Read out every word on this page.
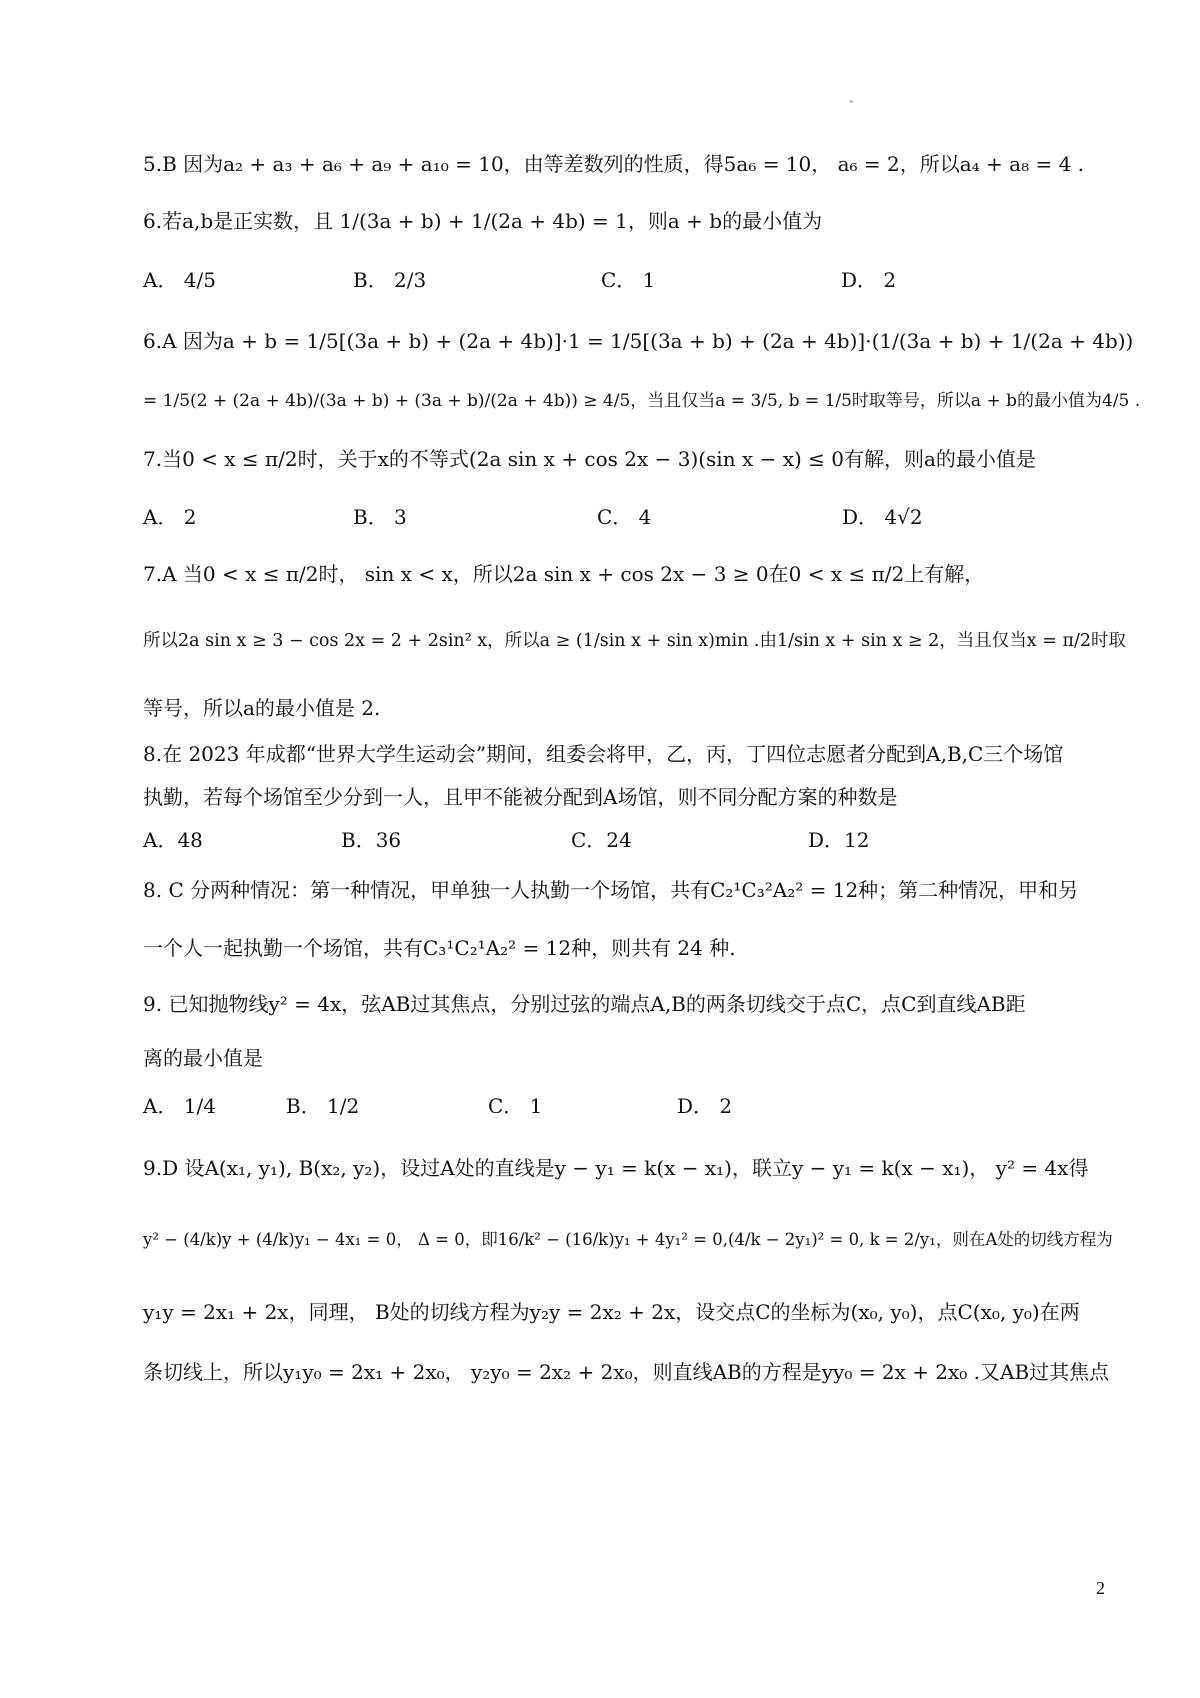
5.B 因为a₂ + a₃ + a₆ + a₉ + a₁₀ = 10，由等差数列的性质，得5a₆ = 10， a₆ = 2，所以a₄ + a₈ = 4 .
6.若a,b是正实数，且 1/(3a + b) + 1/(2a + 4b) = 1，则a + b的最小值为
A． 4/5	B． 2/3	C． 1	D． 2
6.A 因为a + b = 1/5[(3a + b) + (2a + 4b)]·1 = 1/5[(3a + b) + (2a + 4b)]·(1/(3a + b) + 1/(2a + 4b))
= 1/5(2 + (2a + 4b)/(3a + b) + (3a + b)/(2a + 4b)) ≥ 4/5，当且仅当a = 3/5, b = 1/5时取等号，所以a + b的最小值为4/5 .
7.当0 < x ≤ π/2时，关于x的不等式(2a sin x + cos 2x − 3)(sin x − x) ≤ 0有解，则a的最小值是
A． 2	B． 3	C． 4	D． 4√2
7.A 当0 < x ≤ π/2时， sin x < x，所以2a sin x + cos 2x − 3 ≥ 0在0 < x ≤ π/2上有解，
所以2a sin x ≥ 3 − cos 2x = 2 + 2sin² x，所以a ≥ (1/sin x + sin x)min .由1/sin x + sin x ≥ 2，当且仅当x = π/2时取
等号，所以a的最小值是 2.
8.在 2023 年成都“世界大学生运动会”期间，组委会将甲，乙，丙，丁四位志愿者分配到A,B,C三个场馆
执勤，若每个场馆至少分到一人，且甲不能被分配到A场馆，则不同分配方案的种数是
A．48	B．36	C．24	D．12
8. C 分两种情况：第一种情况，甲单独一人执勤一个场馆，共有C₂¹C₃²A₂² = 12种；第二种情况，甲和另
一个人一起执勤一个场馆，共有C₃¹C₂¹A₂² = 12种，则共有 24 种.
9. 已知抛物线y² = 4x，弦AB过其焦点，分别过弦的端点A,B的两条切线交于点C，点C到直线AB距
离的最小值是
A． 1/4	B． 1/2	C． 1	D． 2
9.D 设A(x₁, y₁), B(x₂, y₂)，设过A处的直线是y − y₁ = k(x − x₁)，联立y − y₁ = k(x − x₁)， y² = 4x得
y² − (4/k)y + (4/k)y₁ − 4x₁ = 0， Δ = 0，即16/k² − (16/k)y₁ + 4y₁² = 0,(4/k − 2y₁)² = 0, k = 2/y₁，则在A处的切线方程为
y₁y = 2x₁ + 2x，同理， B处的切线方程为y₂y = 2x₂ + 2x，设交点C的坐标为(x₀, y₀)，点C(x₀, y₀)在两
条切线上，所以y₁y₀ = 2x₁ + 2x₀， y₂y₀ = 2x₂ + 2x₀，则直线AB的方程是yy₀ = 2x + 2x₀ .又AB过其焦点
2
